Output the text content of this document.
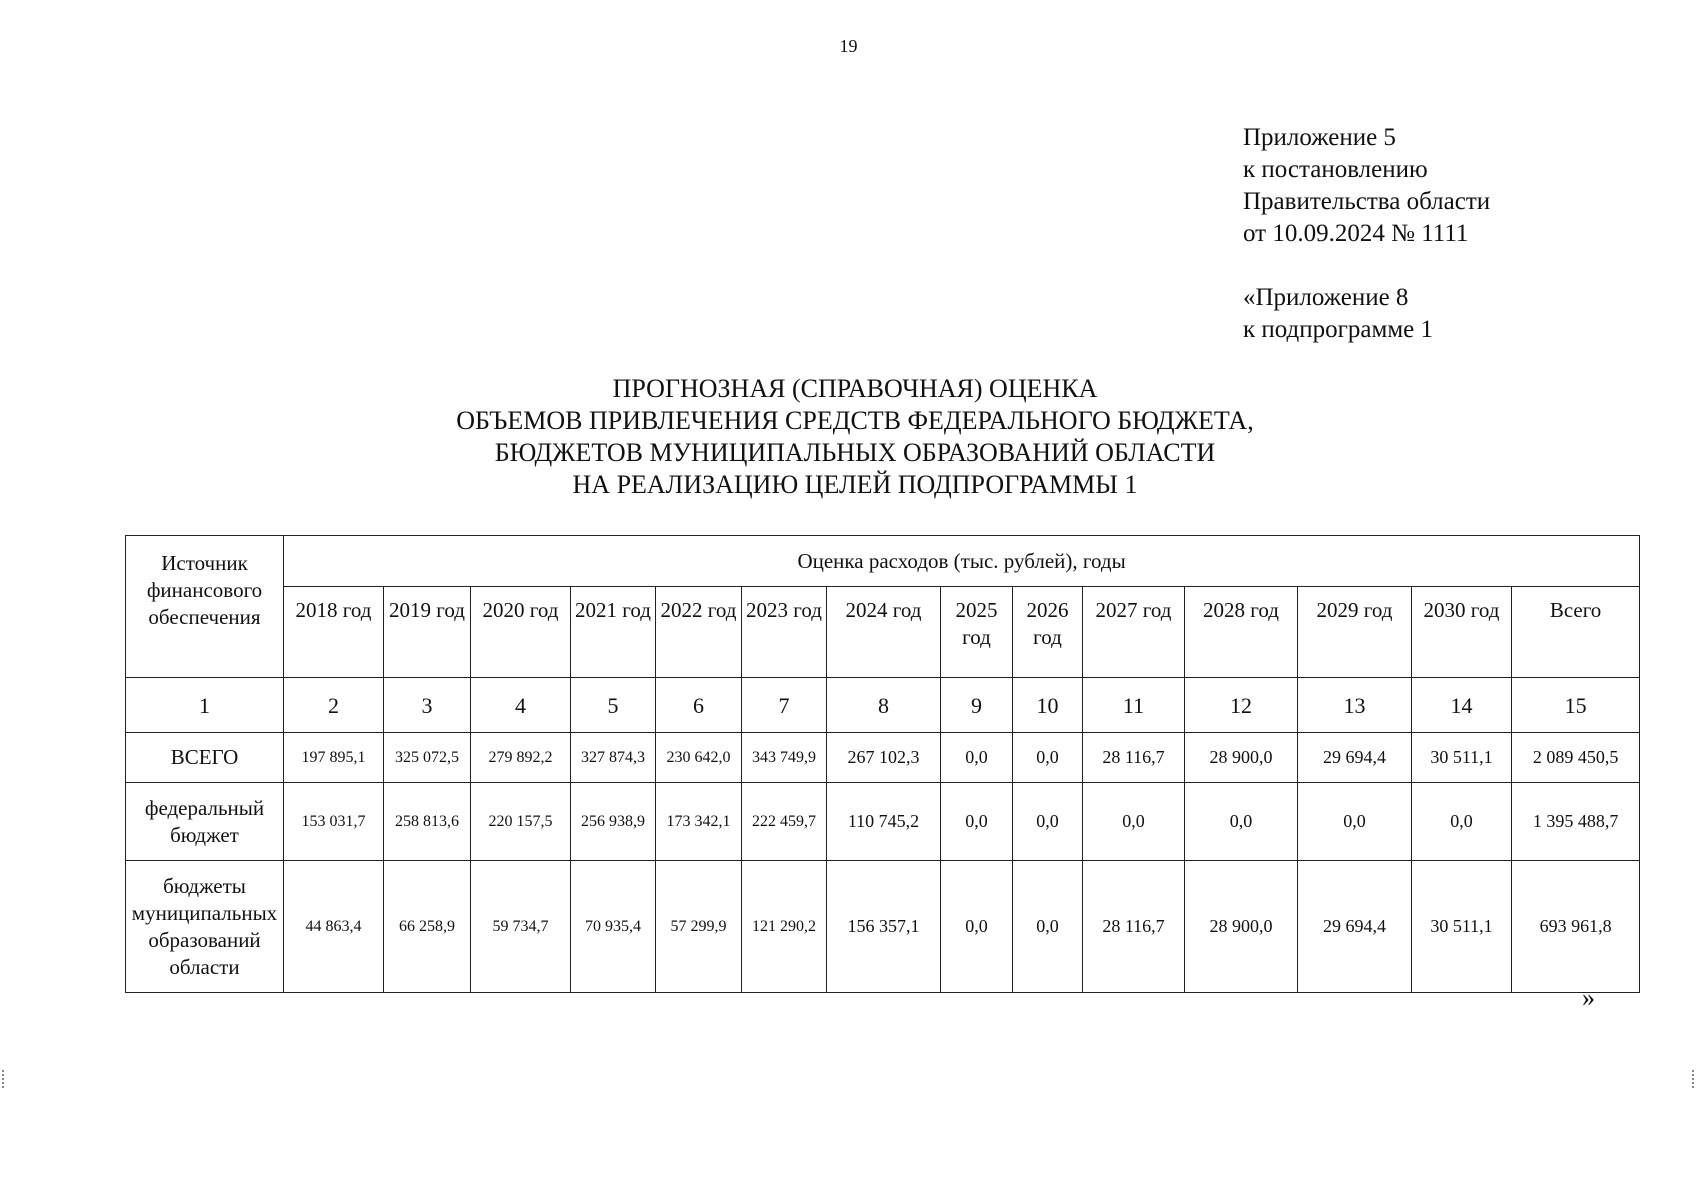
19
Приложение 5
к постановлению
Правительства области
от 10.09.2024 № 1111
«Приложение 8
к подпрограмме 1
ПРОГНОЗНАЯ (СПРАВОЧНАЯ) ОЦЕНКА
ОБЪЕМОВ ПРИВЛЕЧЕНИЯ СРЕДСТВ ФЕДЕРАЛЬНОГО БЮДЖЕТА,
БЮДЖЕТОВ МУНИЦИПАЛЬНЫХ ОБРАЗОВАНИЙ ОБЛАСТИ
НА РЕАЛИЗАЦИЮ ЦЕЛЕЙ ПОДПРОГРАММЫ 1
Источник финансового обеспечения	Оценка расходов (тыс. рублей), годы													
	2018 год	2019 год	2020 год	2021 год	2022 год	2023 год	2024 год	2025 год	2026 год	2027 год	2028 год	2029 год	2030 год	Всего
1	2	3	4	5	6	7	8	9	10	11	12	13	14	15
ВСЕГО	197 895,1	325 072,5	279 892,2	327 874,3	230 642,0	343 749,9	267 102,3	0,0	0,0	28 116,7	28 900,0	29 694,4	30 511,1	2 089 450,5
федеральный бюджет	153 031,7	258 813,6	220 157,5	256 938,9	173 342,1	222 459,7	110 745,2	0,0	0,0	0,0	0,0	0,0	0,0	1 395 488,7
бюджеты муниципальных образований области	44 863,4	66 258,9	59 734,7	70 935,4	57 299,9	121 290,2	156 357,1	0,0	0,0	28 116,7	28 900,0	29 694,4	30 511,1	693 961,8
»
